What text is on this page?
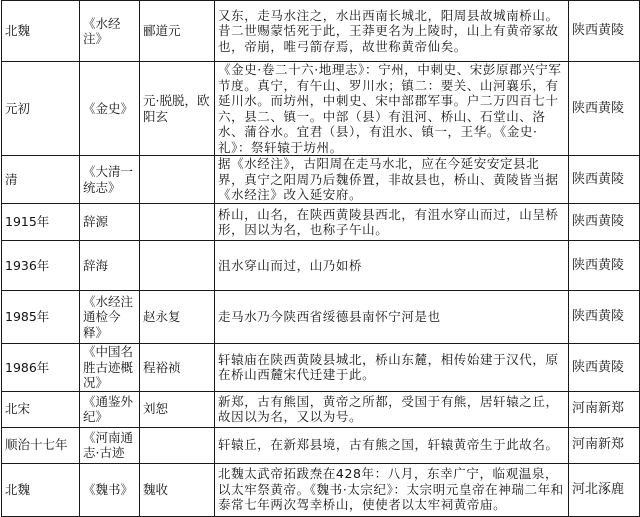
北魏	《水经注》	郦道元	又东，走马水注之，水出西南长城北，阳周县故城南桥山。昔二世赐蒙恬死于此，王莽更名为上陵时，山上有黄帝冢故也，帝崩，唯弓箭存焉，故世称黄帝仙矣。	陕西黄陵
元初	《金史》	元·脱脱，欧阳玄	《金史·卷二十六·地理志》：宁州，中刺史、宋彭原郡兴宁军节度。真宁，有午山、罗川水；镇二：要关、山河襄乐，有延川水。而坊州，中刺史、宋中部郡军事。户二万四百七十六，县二、镇一。中部（县）有沮河、桥山、石堂山、洛水、蒲谷水。宜君（县），有沮水、镇一，王华。《金史·礼》：祭轩辕于坊州。	陕西黄陵
清	《大清一统志》		据《水经注》，古阳周在走马水北，应在今延安安定县北界，真宁之阳周乃后魏侨置，非故县也，桥山、黄陵皆当据《水经注》改入延安府。	陕西黄陵
1915年	辞源		桥山，山名，在陕西黄陵县西北，有沮水穿山而过，山呈桥形，因以为名，也称子午山。	陕西黄陵
1936年	辞海		沮水穿山而过，山乃如桥	陕西黄陵
1985年	《水经注通检今释》	赵永复	走马水乃今陕西省绥德县南怀宁河是也	陕西黄陵
1986年	《中国名胜古迹概况》	程裕祯	轩辕庙在陕西黄陵县城北，桥山东麓，相传始建于汉代，原在桥山西麓宋代迁建于此。	陕西黄陵
北宋	《通鉴外纪》	刘恕	新郑，古有熊国，黄帝之所都，受国于有熊，居轩辕之丘，故因以为名，又以为号。	河南新郑
顺治十七年	《河南通志·古迹		轩辕丘，在新郑县境，古有熊之国，轩辕黄帝生于此故名。	河南新郑
北魏	《魏书》	魏收	北魏太武帝拓跋焘在428年：八月，东幸广宁，临观温泉，以太牢祭黄帝。《魏书·太宗纪》：太宗明元皇帝在神瑞二年和泰常七年两次驾幸桥山，使使者以太牢祠黄帝庙。	河北涿鹿
